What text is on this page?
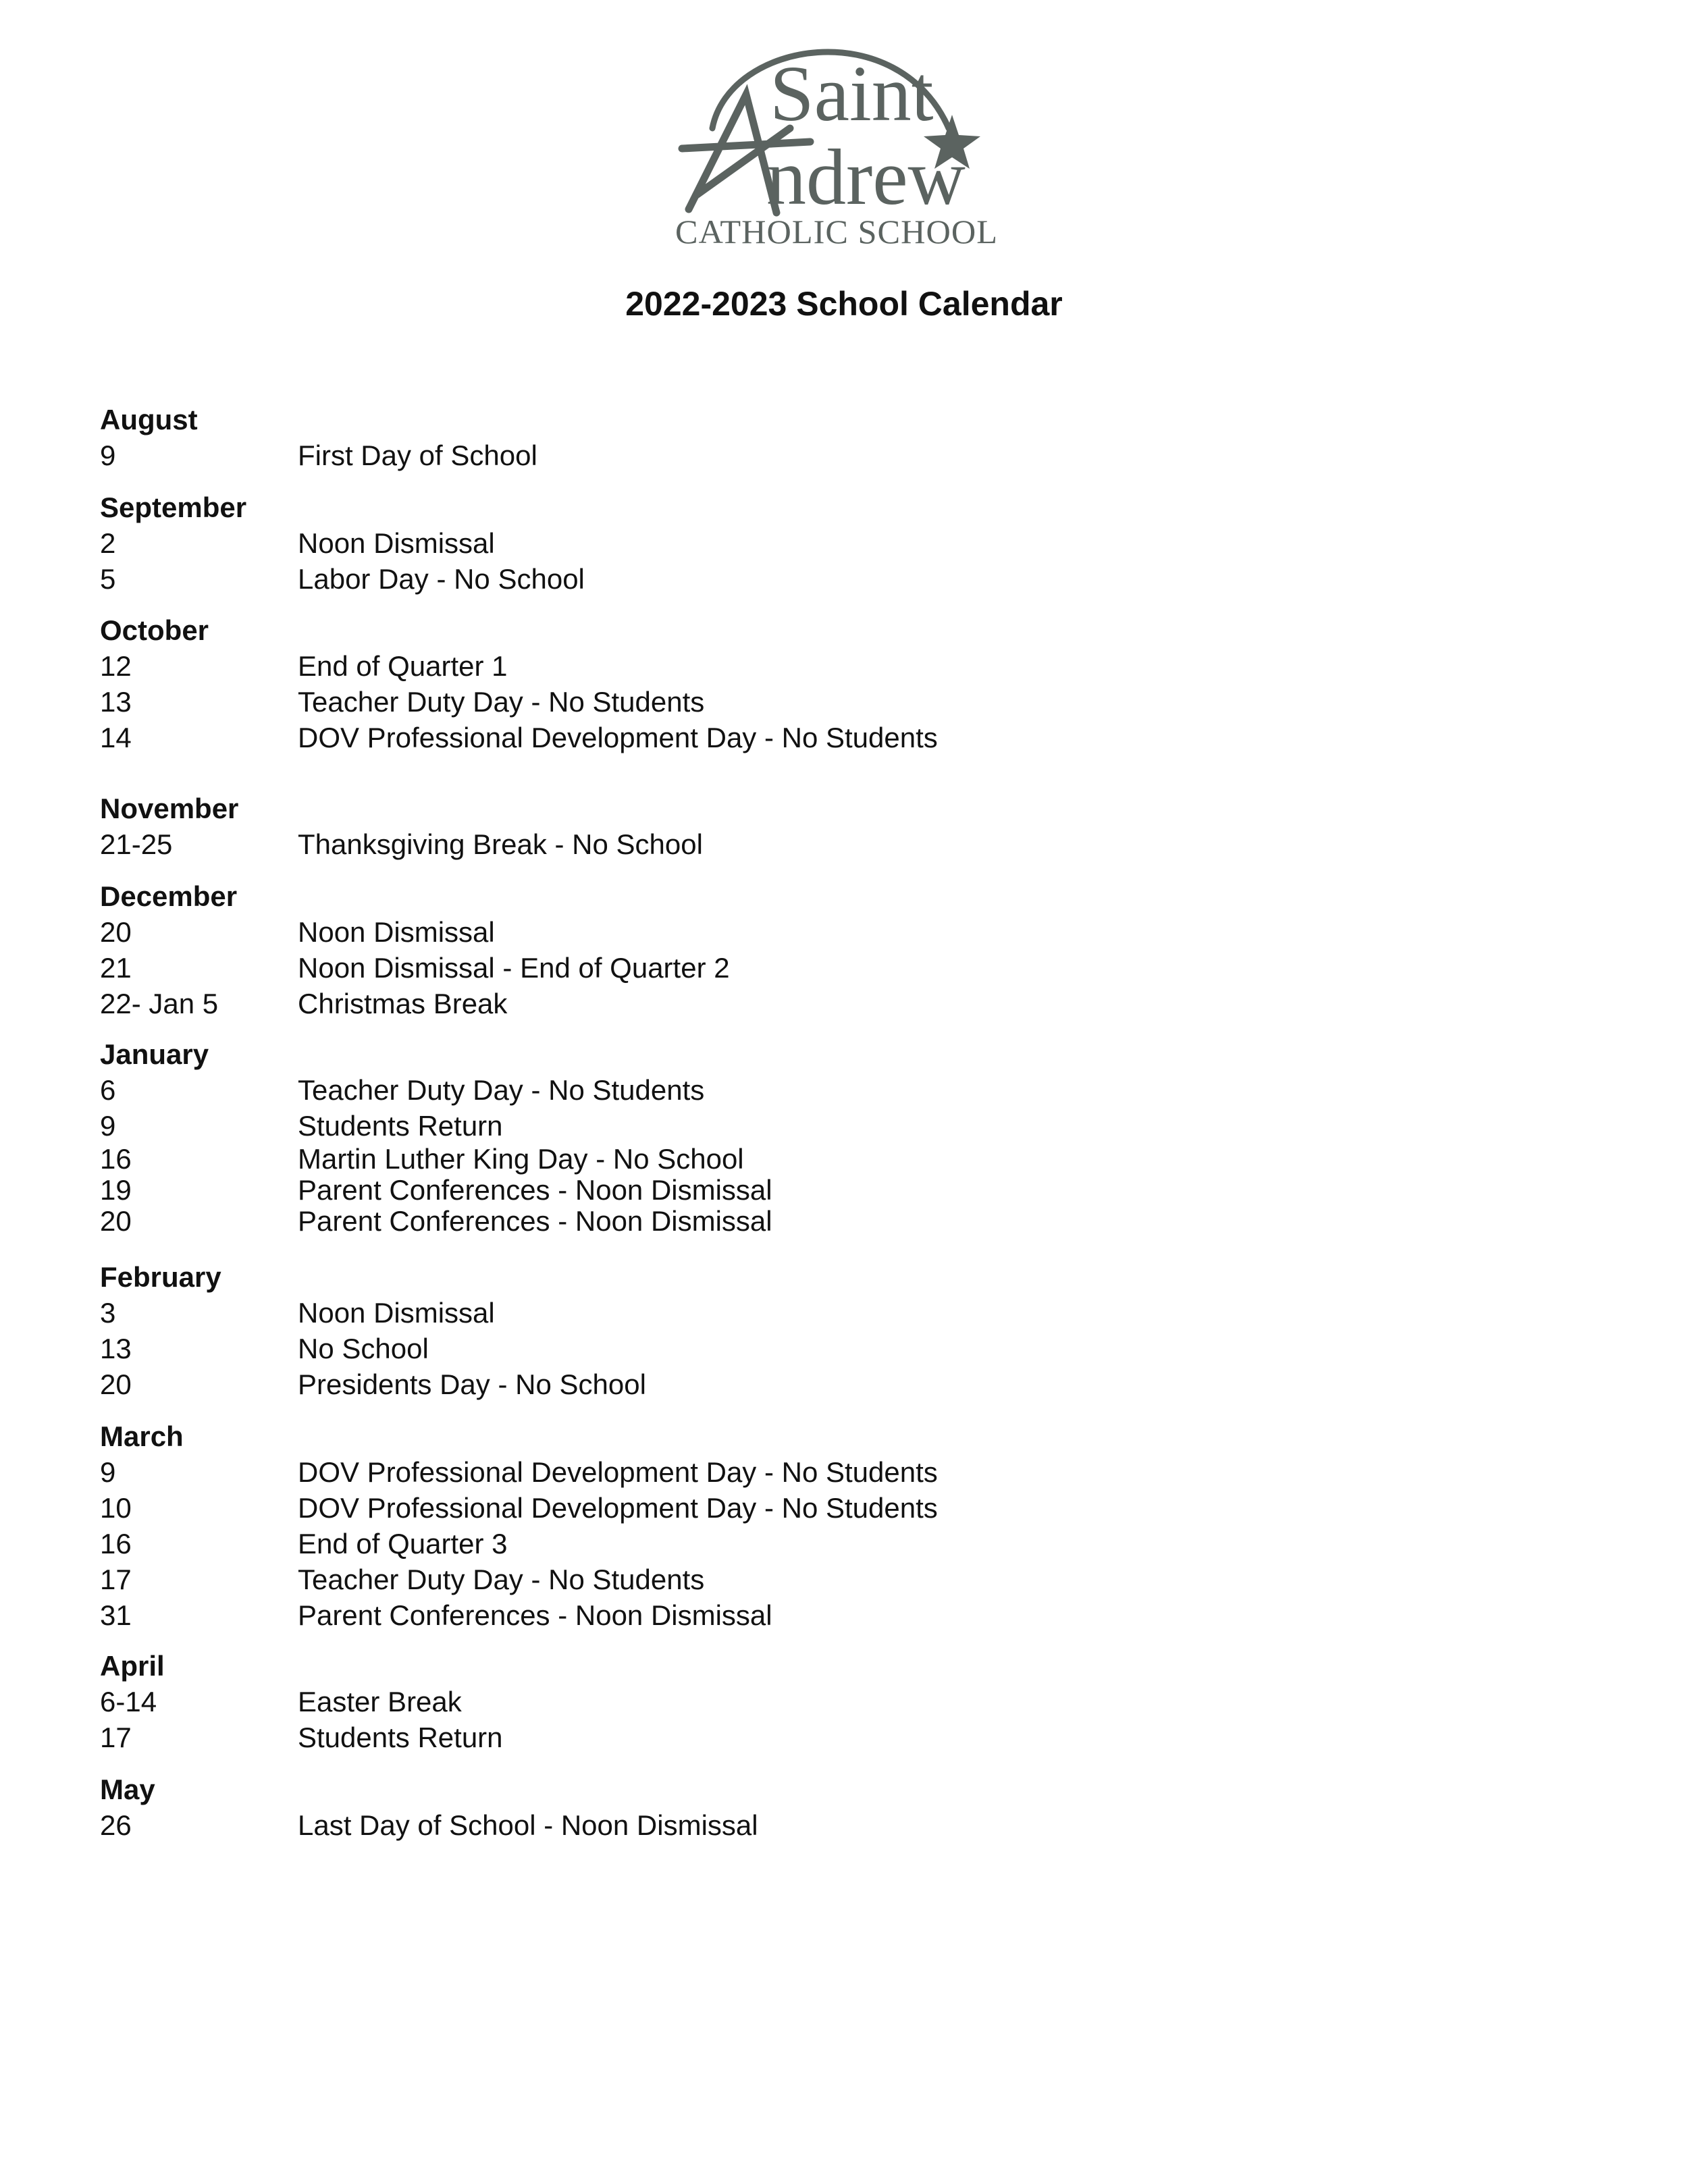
Saint
ndrew
CATHOLIC SCHOOL
2022-2023 School Calendar
August
9	First Day of School
September
2	Noon Dismissal
5	Labor Day - No School
October
12	End of Quarter 1
13	Teacher Duty Day - No Students
14	DOV Professional Development Day - No Students
November
21-25	Thanksgiving Break - No School
December
20	Noon Dismissal
21	Noon Dismissal - End of Quarter 2
22- Jan 5	Christmas Break
January
6	Teacher Duty Day - No Students
9	Students Return
16	Martin Luther King Day - No School
19	Parent Conferences - Noon Dismissal
20	Parent Conferences - Noon Dismissal
February
3	Noon Dismissal
13	No School
20	Presidents Day - No School
March
9	DOV Professional Development Day - No Students
10	DOV Professional Development Day - No Students
16	End of Quarter 3
17	Teacher Duty Day - No Students
31	Parent Conferences - Noon Dismissal
April
6-14	Easter Break
17	Students Return
May
26	Last Day of School - Noon Dismissal
